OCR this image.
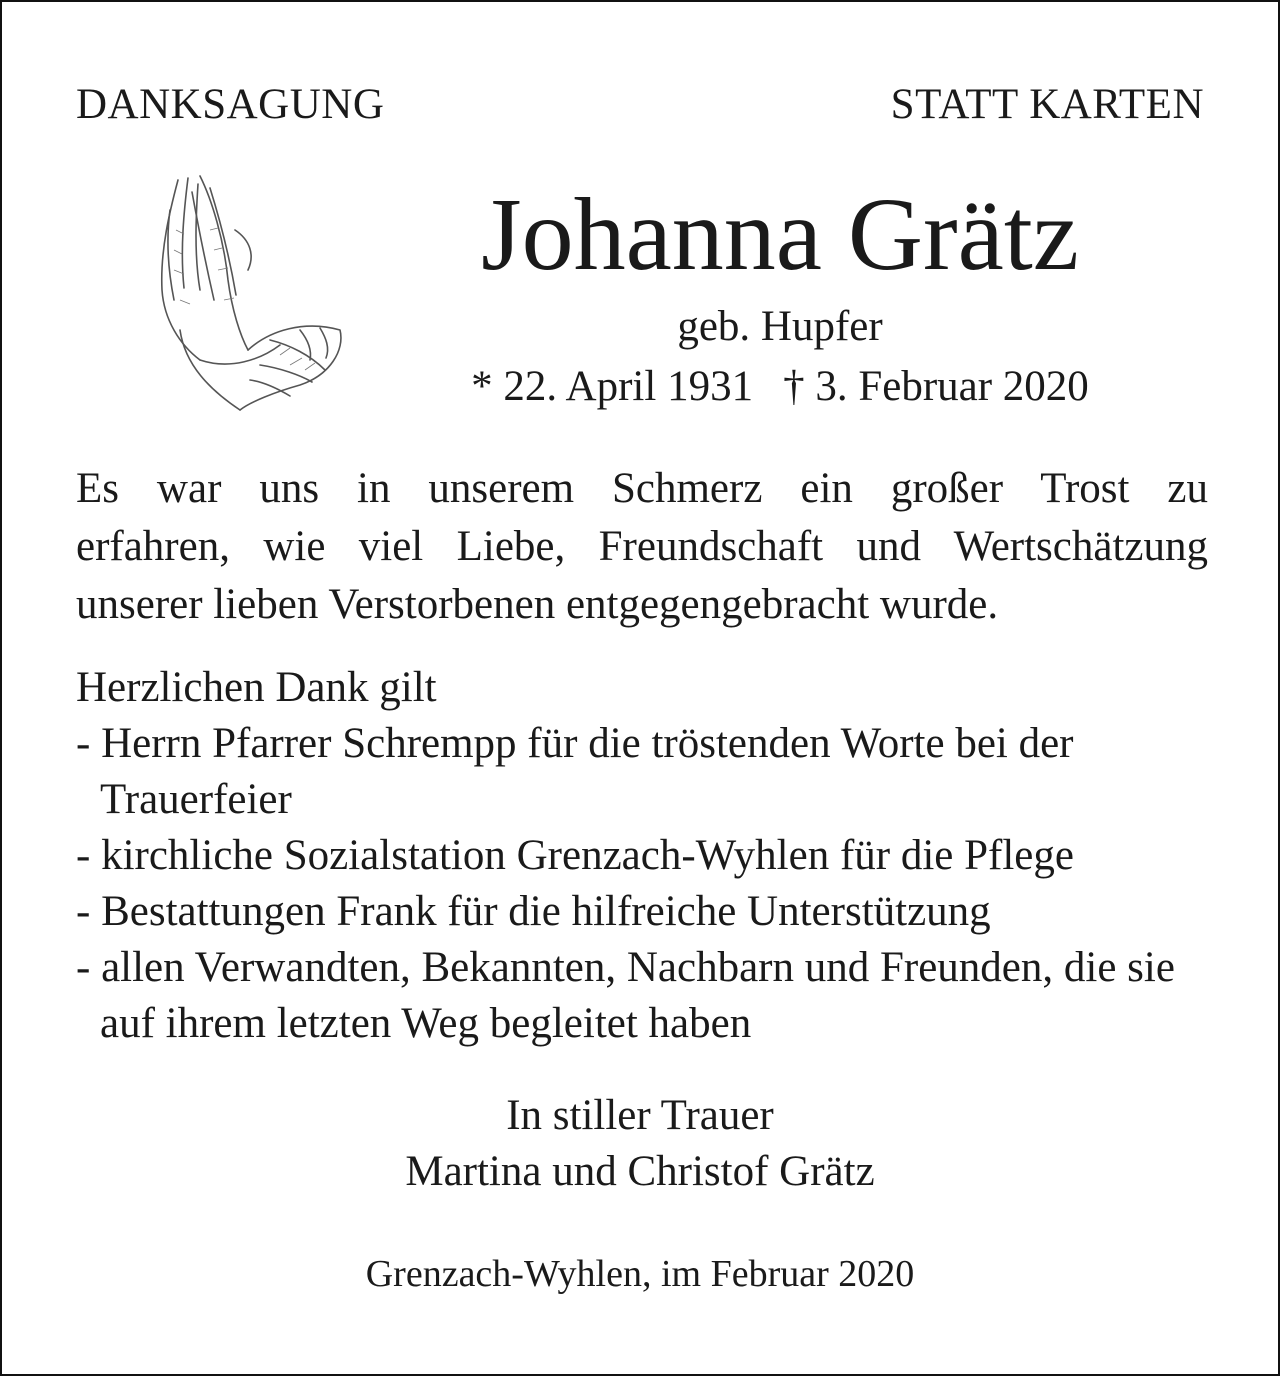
DANKSAGUNG	STATT KARTEN
Johanna Grätz
geb. Hupfer
* 22. April 1931 † 3. Februar 2020
Es war uns in unserem Schmerz ein großer Trost zu
erfahren, wie viel Liebe, Freundschaft und Wertschätzung
unserer lieben Verstorbenen entgegengebracht wurde.
Herzlichen Dank gilt
- Herrn Pfarrer Schrempp für die tröstenden Worte bei der Trauerfeier
- kirchliche Sozialstation Grenzach-Wyhlen für die Pflege
- Bestattungen Frank für die hilfreiche Unterstützung
- allen Verwandten, Bekannten, Nachbarn und Freunden, die sie auf ihrem letzten Weg begleitet haben
In stiller Trauer
Martina und Christof Grätz
Grenzach-Wyhlen, im Februar 2020
